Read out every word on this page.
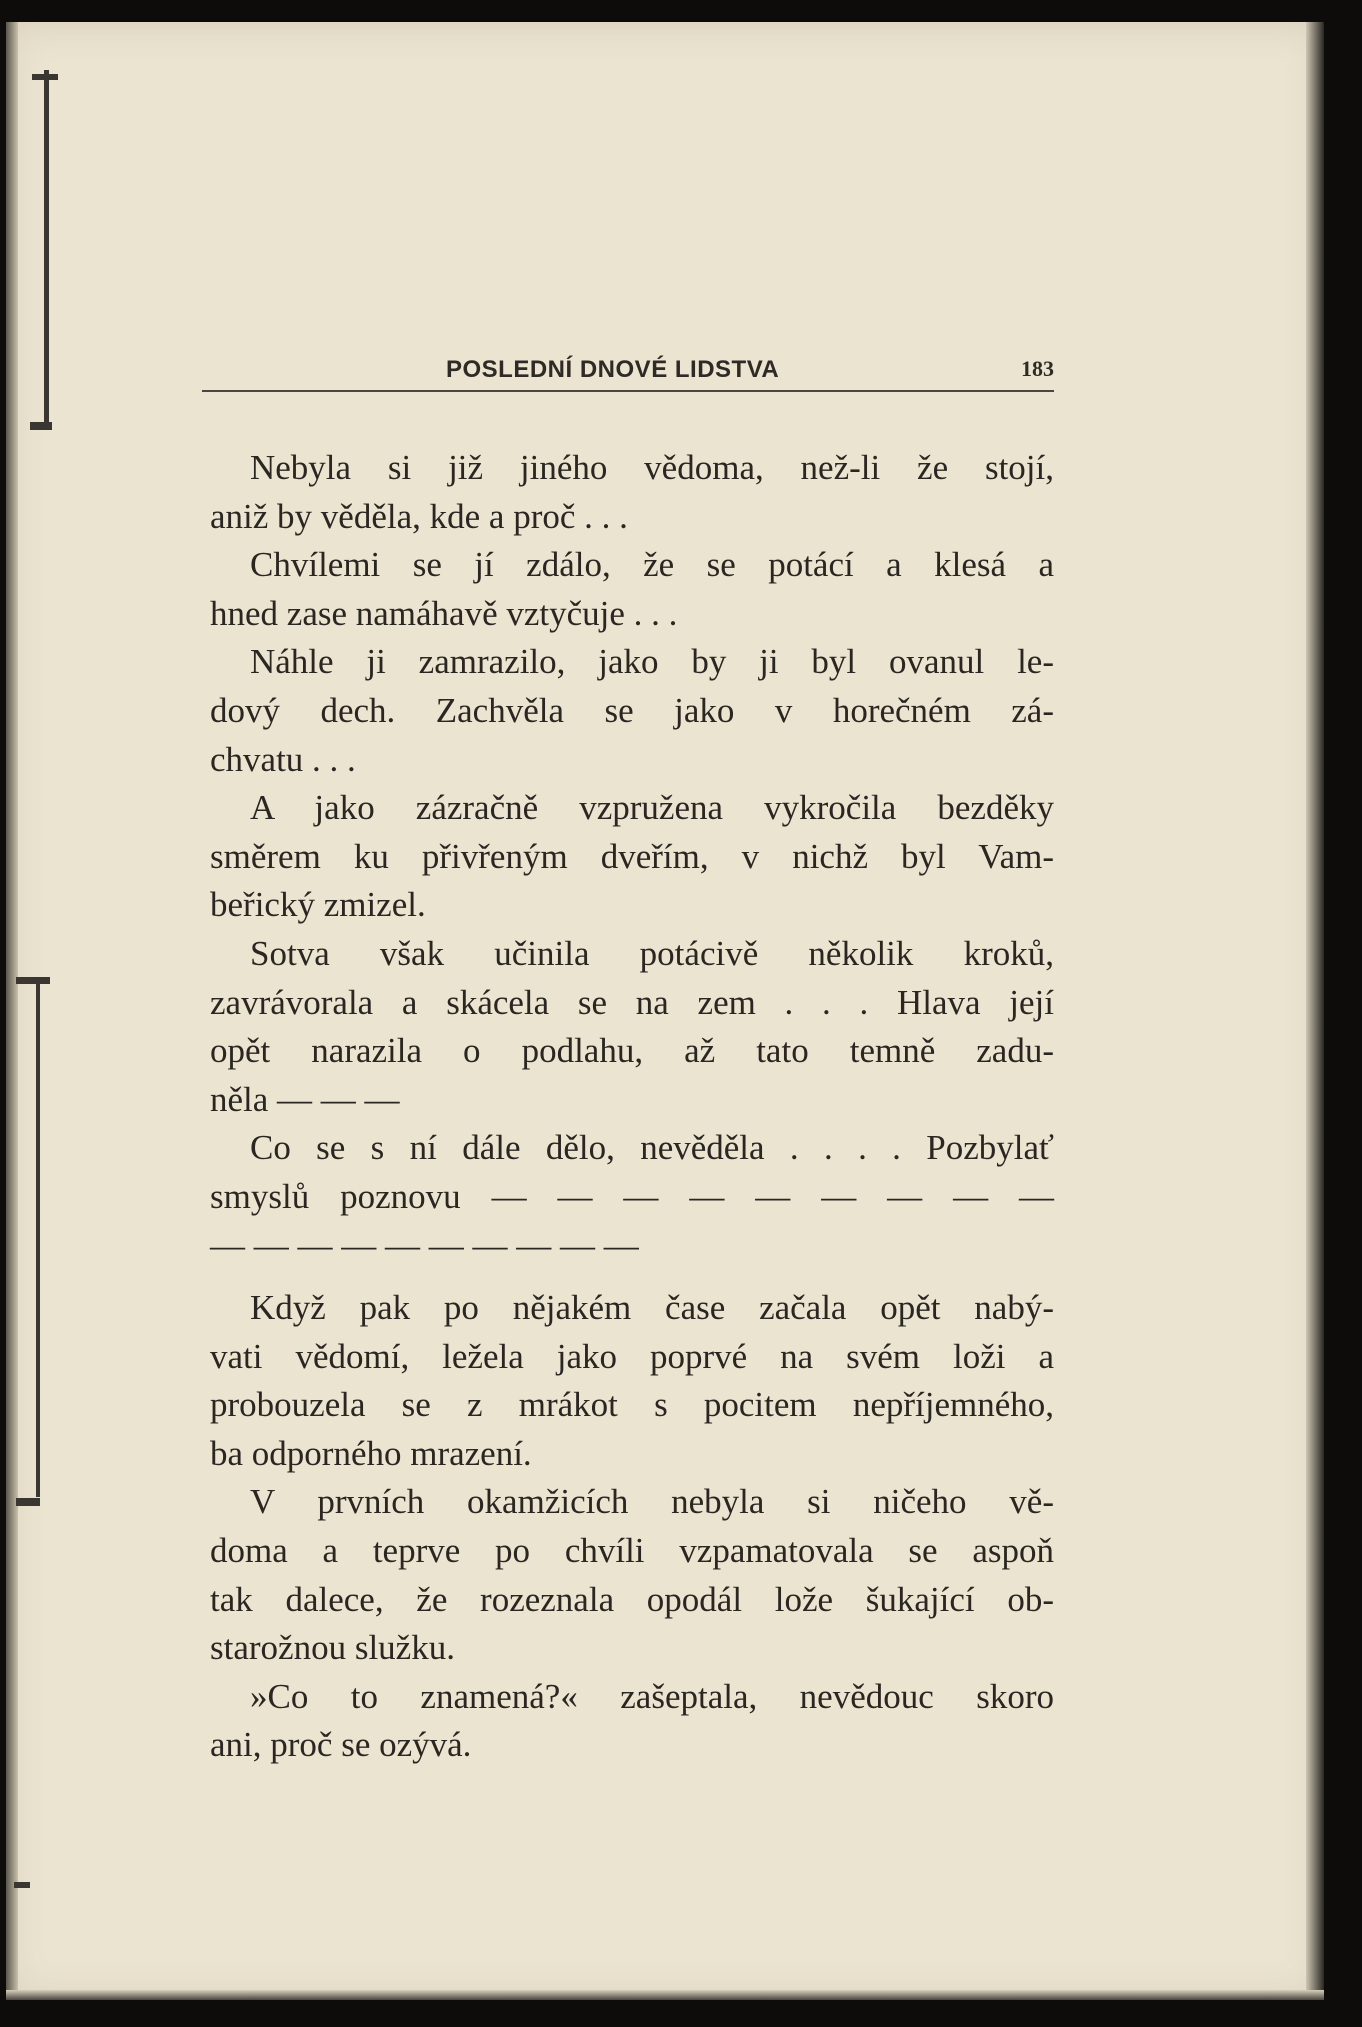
POSLEDNÍ DNOVÉ LIDSTVA	183
Nebyla si již jiného vědoma, než-li že stojí,
aniž by věděla, kde a proč . . .
Chvílemi se jí zdálo, že se potácí a klesá a
hned zase namáhavě vztyčuje . . .
Náhle ji zamrazilo, jako by ji byl ovanul le-
dový dech. Zachvěla se jako v horečném zá-
chvatu . . .
A jako zázračně vzpružena vykročila bezděky
směrem ku přivřeným dveřím, v nichž byl Vam-
beřický zmizel.
Sotva však učinila potácivě několik kroků,
zavrávorala a skácela se na zem . . . Hlava její
opět narazila o podlahu, až tato temně zadu-
něla — — —
Co se s ní dále dělo, nevěděla . . . . Pozbylať
smyslů poznovu — — — — — — — — —
— — — — — — — — — —
Když pak po nějakém čase začala opět nabý-
vati vědomí, ležela jako poprvé na svém loži a
probouzela se z mrákot s pocitem nepříjemného,
ba odporného mrazení.
V prvních okamžicích nebyla si ničeho vě-
doma a teprve po chvíli vzpamatovala se aspoň
tak dalece, že rozeznala opodál lože šukající ob-
starožnou služku.
»Co to znamená?« zašeptala, nevědouc skoro
ani, proč se ozývá.
